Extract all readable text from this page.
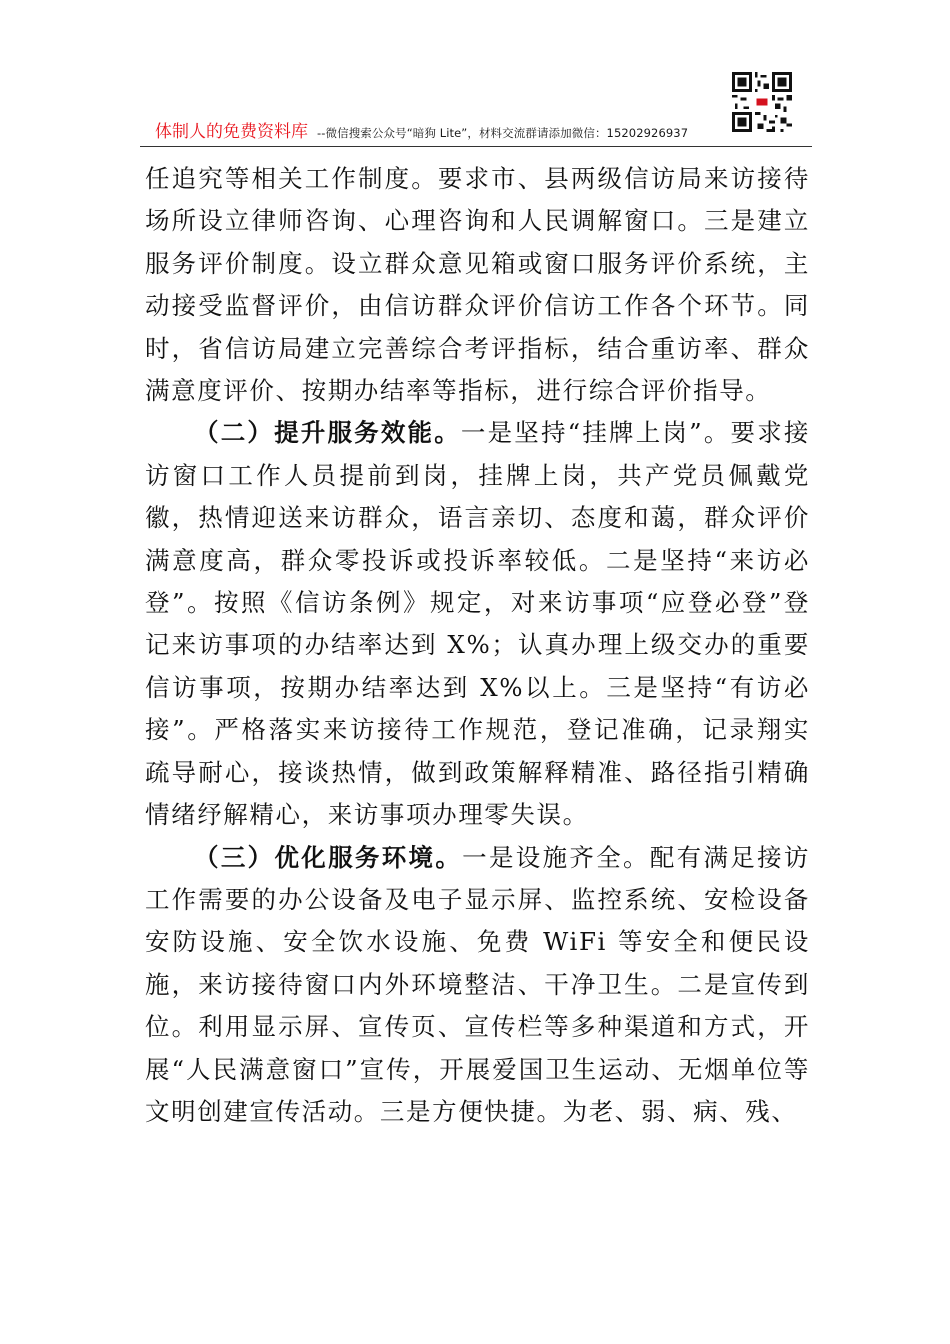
体制人的免费资料库 --微信搜索公众号“暗狗 Lite”，材料交流群请添加微信：15202926937

任追究等相关工作制度。要求市、县两级信访局来访接待场所设立律师咨询、心理咨询和人民调解窗口。三是建立服务评价制度。设立群众意见箱或窗口服务评价系统，主动接受监督评价，由信访群众评价信访工作各个环节。同时，省信访局建立完善综合考评指标，结合重访率、群众满意度评价、按期办结率等指标，进行综合评价指导。

（二）提升服务效能。一是坚持“挂牌上岗”。要求接访窗口工作人员提前到岗，挂牌上岗，共产党员佩戴党徽，热情迎送来访群众，语言亲切、态度和蔼，群众评价满意度高，群众零投诉或投诉率较低。二是坚持“来访必登”。按照《信访条例》规定，对来访事项“应登必登”登记来访事项的办结率达到 X%；认真办理上级交办的重要信访事项，按期办结率达到 X%以上。三是坚持“有访必接”。严格落实来访接待工作规范，登记准确，记录翔实疏导耐心，接谈热情，做到政策解释精准、路径指引精确情绪纾解精心，来访事项办理零失误。

（三）优化服务环境。一是设施齐全。配有满足接访工作需要的办公设备及电子显示屏、监控系统、安检设备安防设施、安全饮水设施、免费 WiFi 等安全和便民设施，来访接待窗口内外环境整洁、干净卫生。二是宣传到位。利用显示屏、宣传页、宣传栏等多种渠道和方式，开展“人民满意窗口”宣传，开展爱国卫生运动、无烟单位等文明创建宣传活动。三是方便快捷。为老、弱、病、残、
